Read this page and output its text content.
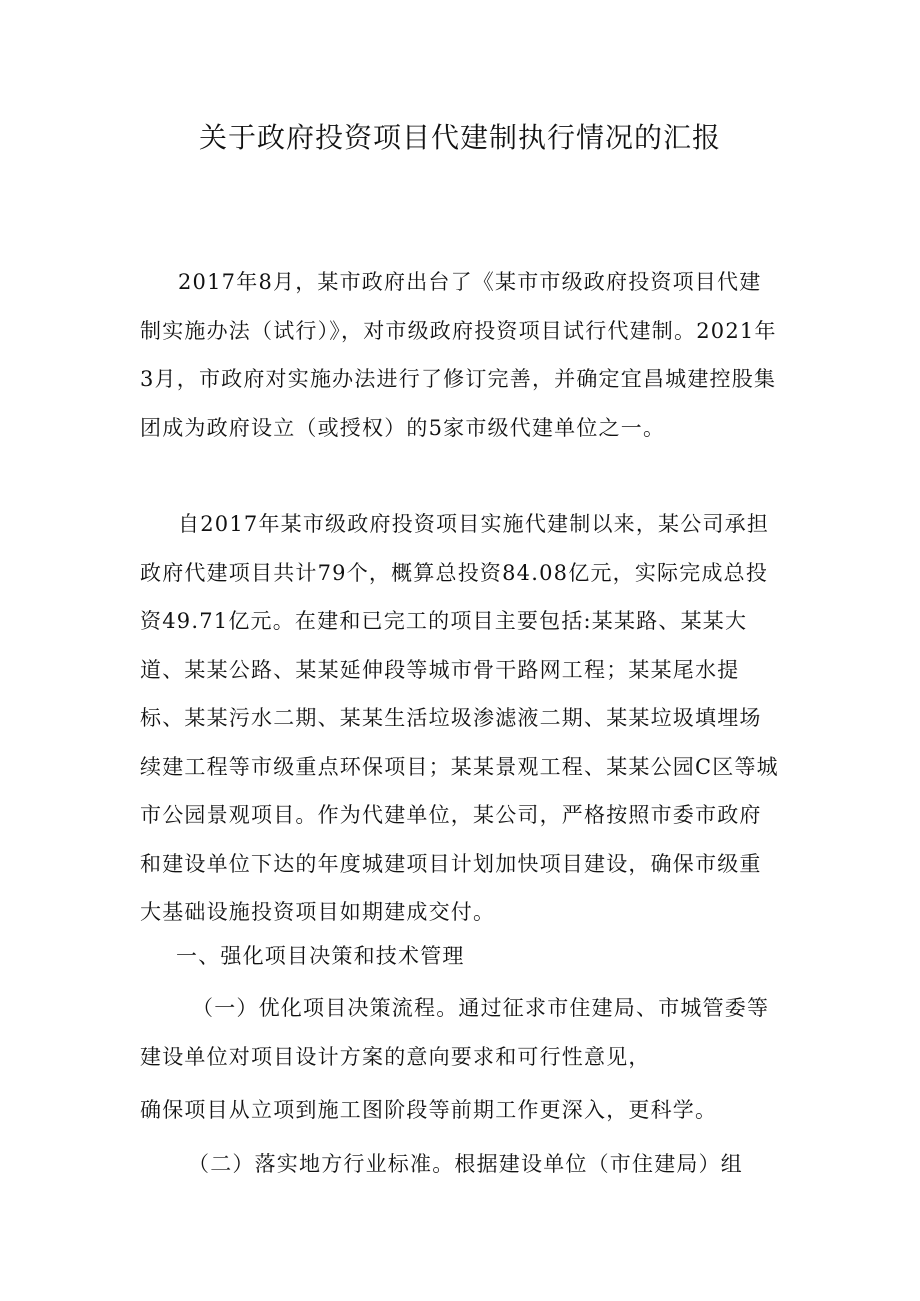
关于政府投资项目代建制执行情况的汇报
2017年8月，某市政府出台了《某市市级政府投资项目代建制实施办法（试行）》，对市级政府投资项目试行代建制。2021年3月，市政府对实施办法进行了修订完善，并确定宜昌城建控股集团成为政府设立（或授权）的5家市级代建单位之一。
自2017年某市级政府投资项目实施代建制以来，某公司承担政府代建项目共计79个，概算总投资84.08亿元，实际完成总投资49.71亿元。在建和已完工的项目主要包括:某某路、某某大道、某某公路、某某延伸段等城市骨干路网工程；某某尾水提标、某某污水二期、某某生活垃圾渗滤液二期、某某垃圾填埋场续建工程等市级重点环保项目；某某景观工程、某某公园C区等城市公园景观项目。作为代建单位，某公司，严格按照市委市政府和建设单位下达的年度城建项目计划加快项目建设，确保市级重大基础设施投资项目如期建成交付。
一、强化项目决策和技术管理
（一）优化项目决策流程。通过征求市住建局、市城管委等建设单位对项目设计方案的意向要求和可行性意见，
确保项目从立项到施工图阶段等前期工作更深入，更科学。
（二）落实地方行业标准。根据建设单位（市住建局）组
